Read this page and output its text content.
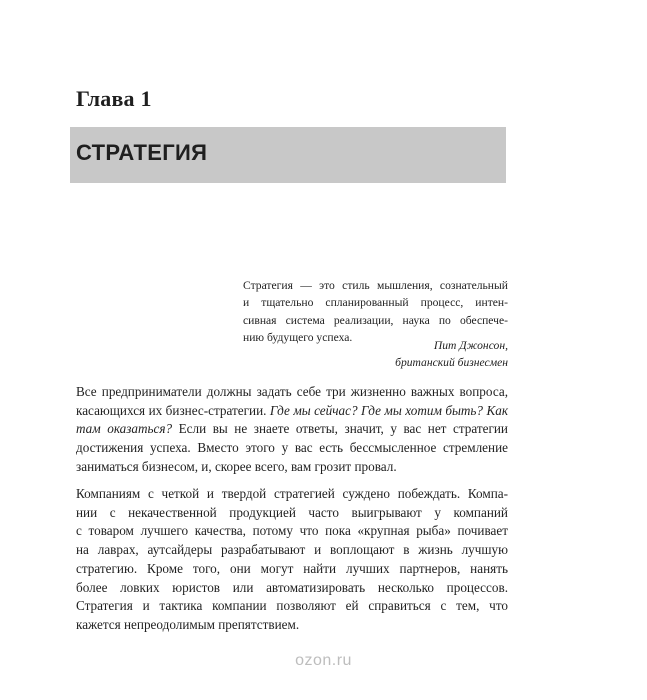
Глава 1
СТРАТЕГИЯ

Стратегия — это стиль мышления, сознательный
и тщательно спланированный процесс, интен-
сивная система реализации, наука по обеспече-
нию будущего успеха.

Пит Джонсон,
британский бизнесмен

Все предприниматели должны задать себе три жизненно важных вопроса,
касающихся их бизнес-стратегии. Где мы сейчас? Где мы хотим быть? Как
там оказаться? Если вы не знаете ответы, значит, у вас нет стратегии
достижения успеха. Вместо этого у вас есть бессмысленное стремление
заниматься бизнесом, и, скорее всего, вам грозит провал.

Компаниям с четкой и твердой стратегией суждено побеждать. Компа-
нии с некачественной продукцией часто выигрывают у компаний
с товаром лучшего качества, потому что пока «крупная рыба» почивает
на лаврах, аутсайдеры разрабатывают и воплощают в жизнь лучшую
стратегию. Кроме того, они могут найти лучших партнеров, нанять
более ловких юристов или автоматизировать несколько процессов.
Стратегия и тактика компании позволяют ей справиться с тем, что
кажется непреодолимым препятствием.

ozon.ru
